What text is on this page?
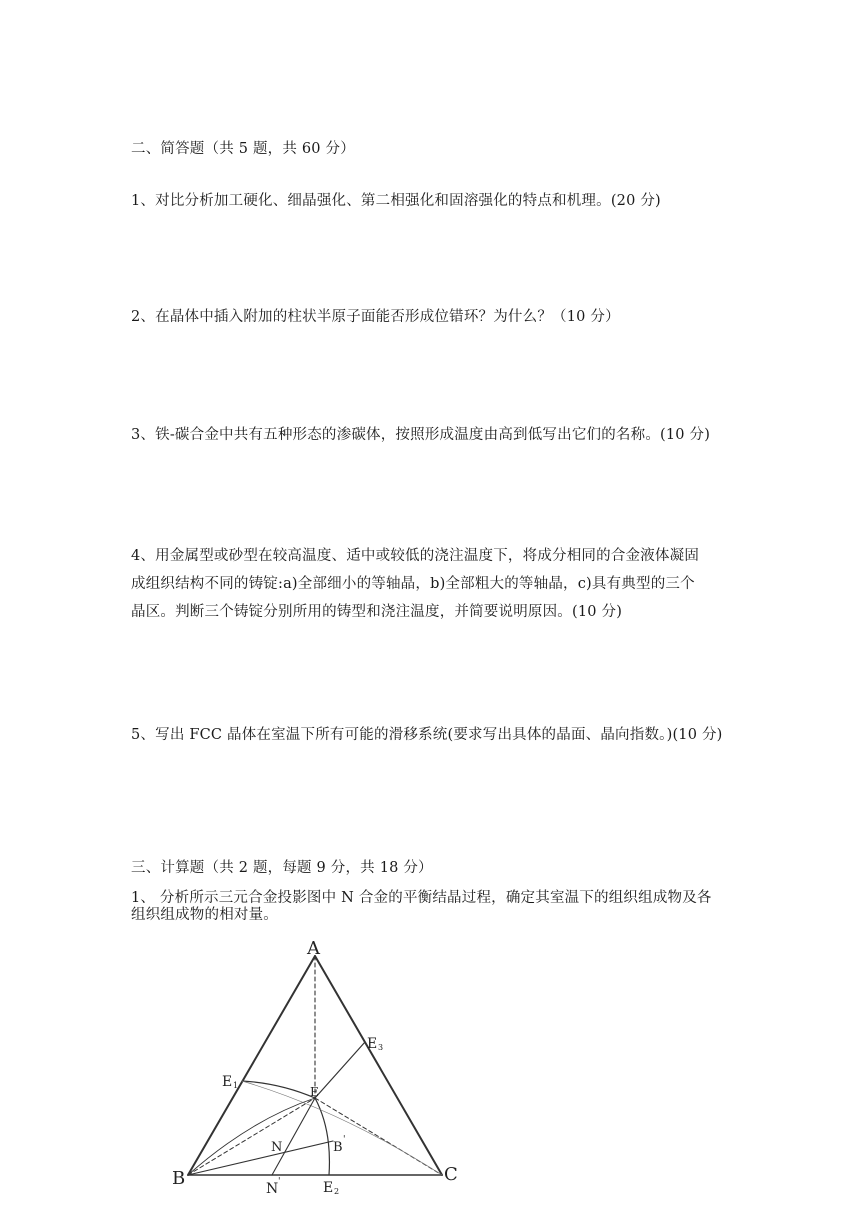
二、简答题（共 5 题，共 60 分）
1、对比分析加工硬化、细晶强化、第二相强化和固溶强化的特点和机理。(20 分)
2、在晶体中插入附加的柱状半原子面能否形成位错环？为什么？（10 分）
3、铁-碳合金中共有五种形态的渗碳体，按照形成温度由高到低写出它们的名称。(10 分)
4、用金属型或砂型在较高温度、适中或较低的浇注温度下，将成分相同的合金液体凝固
成组织结构不同的铸锭:a)全部细小的等轴晶，b)全部粗大的等轴晶，c)具有典型的三个
晶区。判断三个铸锭分别所用的铸型和浇注温度，并简要说明原因。(10 分)
5、写出 FCC 晶体在室温下所有可能的滑移系统(要求写出具体的晶面、晶向指数。)(10 分)
三、计算题（共 2 题，每题 9 分，共 18 分）
1、 分析所示三元合金投影图中 N 合金的平衡结晶过程，确定其室温下的组织组成物及各
组织组成物的相对量。
A
B	C
E
E 1
E 2
E 3
N
N '
B '
